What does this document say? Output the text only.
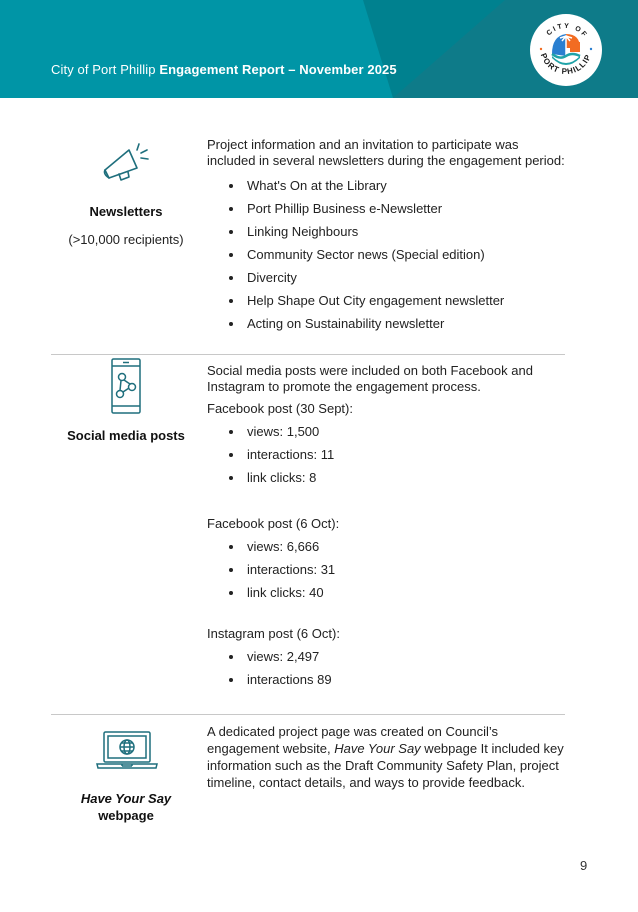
City of Port Phillip Engagement Report – November 2025
CITY OF
PORT PHILLIP
Newsletters
(>10,000 recipients)

Project information and an invitation to participate was included in several newsletters during the engagement period:

What's On at the Library
Port Phillip Business e-Newsletter
Linking Neighbours
Community Sector news (Special edition)
Divercity
Help Shape Out City engagement newsletter
Acting on Sustainability newsletter
Social media posts

Social media posts were included on both Facebook and Instagram to promote the engagement process.

Facebook post (30 Sept):
views: 1,500
interactions: 11
link clicks: 8
Facebook post (6 Oct):
views: 6,666
interactions: 31
link clicks: 40
Instagram post (6 Oct):
views: 2,497
interactions 89
Have Your Say
webpage

A dedicated project page was created on Council’s engagement website, Have Your Say webpage It included key information such as the Draft Community Safety Plan, project timeline, contact details, and ways to provide feedback.

9
